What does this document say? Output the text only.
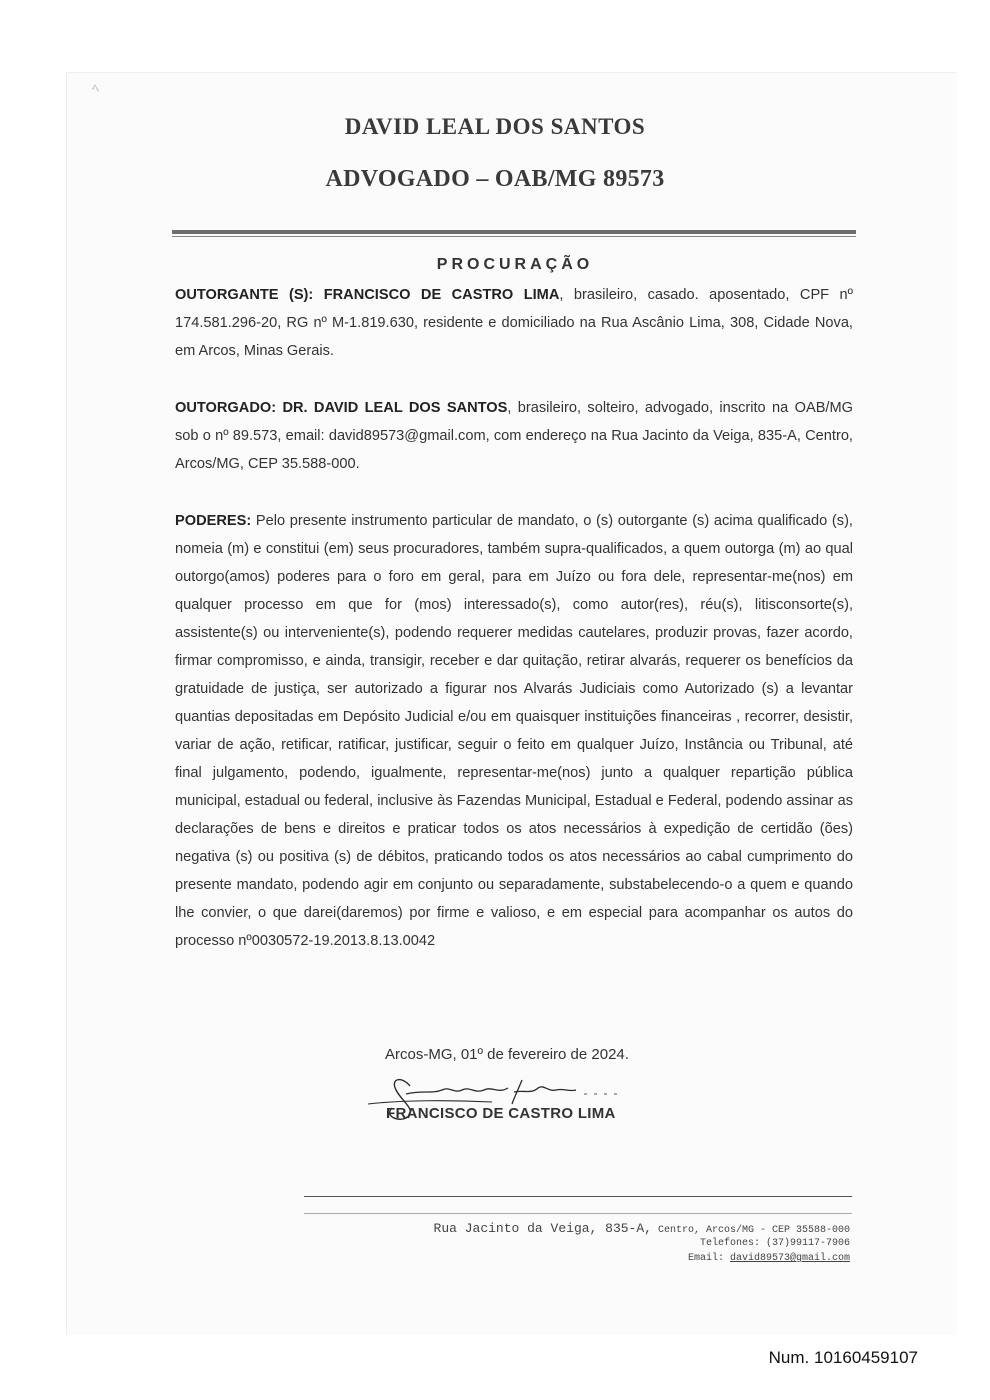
ﾍ
DAVID LEAL DOS SANTOS
ADVOGADO – OAB/MG 89573
PROCURAÇÃO
OUTORGANTE (S): FRANCISCO DE CASTRO LIMA, brasileiro, casado. aposentado, CPF nº 174.581.296-20, RG nº M-1.819.630, residente e domiciliado na Rua Ascânio Lima, 308, Cidade Nova, em Arcos, Minas Gerais.
OUTORGADO: DR. DAVID LEAL DOS SANTOS, brasileiro, solteiro, advogado, inscrito na OAB/MG sob o nº 89.573, email: david89573@gmail.com, com endereço na Rua Jacinto da Veiga, 835-A, Centro, Arcos/MG, CEP 35.588-000.
PODERES: Pelo presente instrumento particular de mandato, o (s) outorgante (s) acima qualificado (s), nomeia (m) e constitui (em) seus procuradores, também supra-qualificados, a quem outorga (m) ao qual outorgo(amos) poderes para o foro em geral, para em Juízo ou fora dele, representar-me(nos) em qualquer processo em que for (mos) interessado(s), como autor(res), réu(s), litisconsorte(s), assistente(s) ou interveniente(s), podendo requerer medidas cautelares, produzir provas, fazer acordo, firmar compromisso, e ainda, transigir, receber e dar quitação, retirar alvarás, requerer os benefícios da gratuidade de justiça, ser autorizado a figurar nos Alvarás Judiciais como Autorizado (s) a levantar quantias depositadas em Depósito Judicial e/ou em quaisquer instituições financeiras , recorrer, desistir, variar de ação, retificar, ratificar, justificar, seguir o feito em qualquer Juízo, Instância ou Tribunal, até final julgamento, podendo, igualmente, representar-me(nos) junto a qualquer repartição pública municipal, estadual ou federal, inclusive às Fazendas Municipal, Estadual e Federal, podendo assinar as declarações de bens e direitos e praticar todos os atos necessários à expedição de certidão (ões) negativa (s) ou positiva (s) de débitos, praticando todos os atos necessários ao cabal cumprimento do presente mandato, podendo agir em conjunto ou separadamente, substabelecendo-o a quem e quando lhe convier, o que darei(daremos) por firme e valioso, e em especial para acompanhar os autos do processo nº0030572-19.2013.8.13.0042
Arcos-MG, 01º de fevereiro de 2024.
FRANCISCO DE CASTRO LIMA
Rua Jacinto da Veiga, 835-A, Centro, Arcos/MG - CEP 35588-000
Telefones: (37)99117-7906
Email: david89573@gmail.com
Num. 10160459107
